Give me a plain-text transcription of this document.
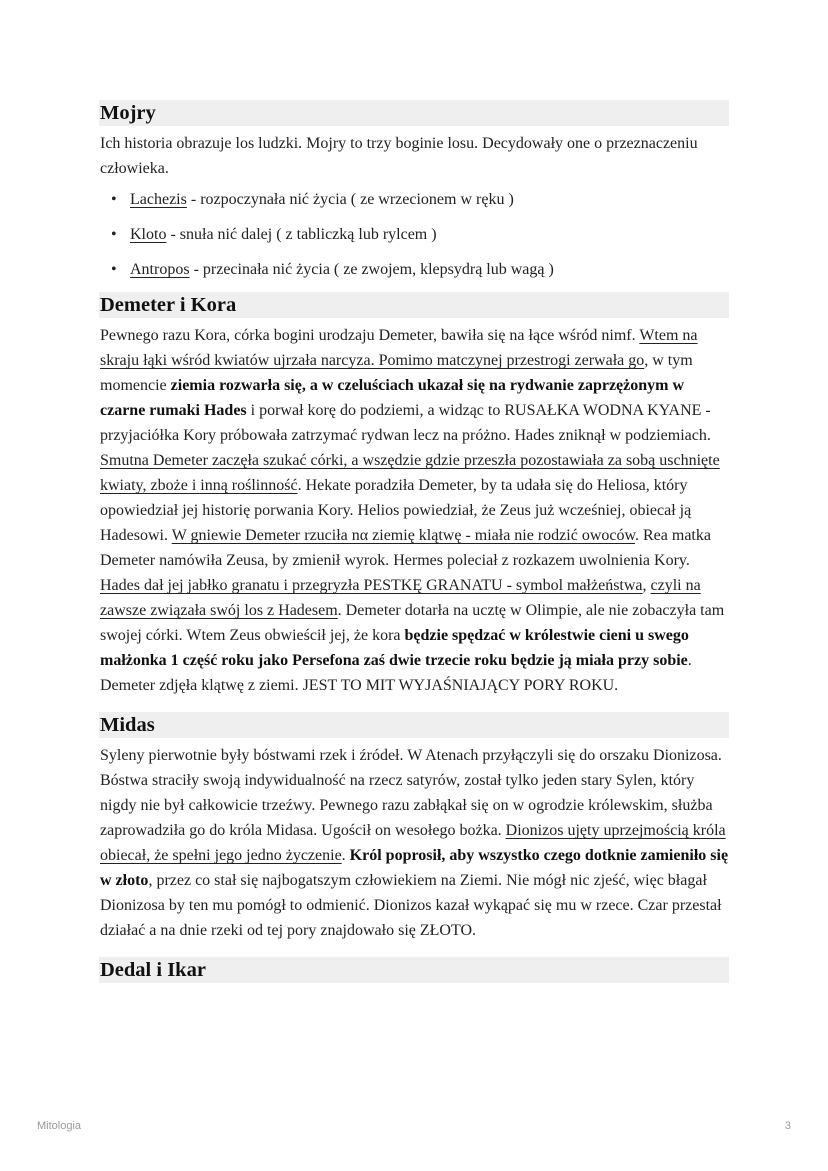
Mojry

Ich historia obrazuje los ludzki. Mojry to trzy boginie losu. Decydowały one o przeznaczeniu człowieka.

• Lachezis - rozpoczynała nić życia ( ze wrzecionem w ręku )
• Kloto - snuła nić dalej ( z tabliczką lub rylcem )
• Antropos - przecinała nić życia ( ze zwojem, klepsydrą lub wagą )
Demeter i Kora

Pewnego razu Kora, córka bogini urodzaju Demeter, bawiła się na łące wśród nimf. Wtem na skraju łąki wśród kwiatów ujrzała narcyza. Pomimo matczynej przestrogi zerwała go, w tym momencie ziemia rozwarła się, a w czeluściach ukazał się na rydwanie zaprzężonym w czarne rumaki Hades i porwał korę do podziemi, a widząc to RUSAŁKA WODNA KYANE - przyjaciółka Kory próbowała zatrzymać rydwan lecz na próżno. Hades zniknął w podziemiach. Smutna Demeter zaczęła szukać córki, a wszędzie gdzie przeszła pozostawiała za sobą uschnięte kwiaty, zboże i inną roślinność. Hekate poradziła Demeter, by ta udała się do Heliosa, który opowiedział jej historię porwania Kory. Helios powiedział, że Zeus już wcześniej, obiecał ją Hadesowi. W gniewie Demeter rzuciła nα ziemię klątwę - miała nie rodzić owoców. Rea matka Demeter namówiła Zeusa, by zmienił wyrok. Hermes poleciał z rozkazem uwolnienia Kory. Hades dał jej jabłko granatu i przegryzła PESTKĘ GRANATU - symbol małżeństwa, czyli na zawsze związała swój los z Hadesem. Demeter dotarła na ucztę w Olimpie, ale nie zobaczyła tam swojej córki. Wtem Zeus obwieścił jej, że kora będzie spędzać w królestwie cieni u swego małżonka 1 część roku jako Persefona zaś dwie trzecie roku będzie ją miała przy sobie. Demeter zdjęła klątwę z ziemi. JEST TO MIT WYJAŚNIAJĄCY PORY ROKU.

Midas

Syleny pierwotnie były bóstwami rzek i źródeł. W Atenach przyłączyli się do orszaku Dionizosa. Bóstwa straciły swoją indywidualność na rzecz satyrów, został tylko jeden stary Sylen, który nigdy nie był całkowicie trzeźwy. Pewnego razu zabłąkał się on w ogrodzie królewskim, służba zaprowadziła go do króla Midasa. Ugościł on wesołego bożka. Dionizos ujęty uprzejmością króla obiecał, że spełni jego jedno życzenie. Król poprosił, aby wszystko czego dotknie zamieniło się w złoto, przez co stał się najbogatszym człowiekiem na Ziemi. Nie mógł nic zjeść, więc błagał Dionizosa by ten mu pomógł to odmienić. Dionizos kazał wykąpać się mu w rzece. Czar przestał działać a na dnie rzeki od tej pory znajdowało się ZŁOTO.

Dedal i Ikar
Mitologia	3
